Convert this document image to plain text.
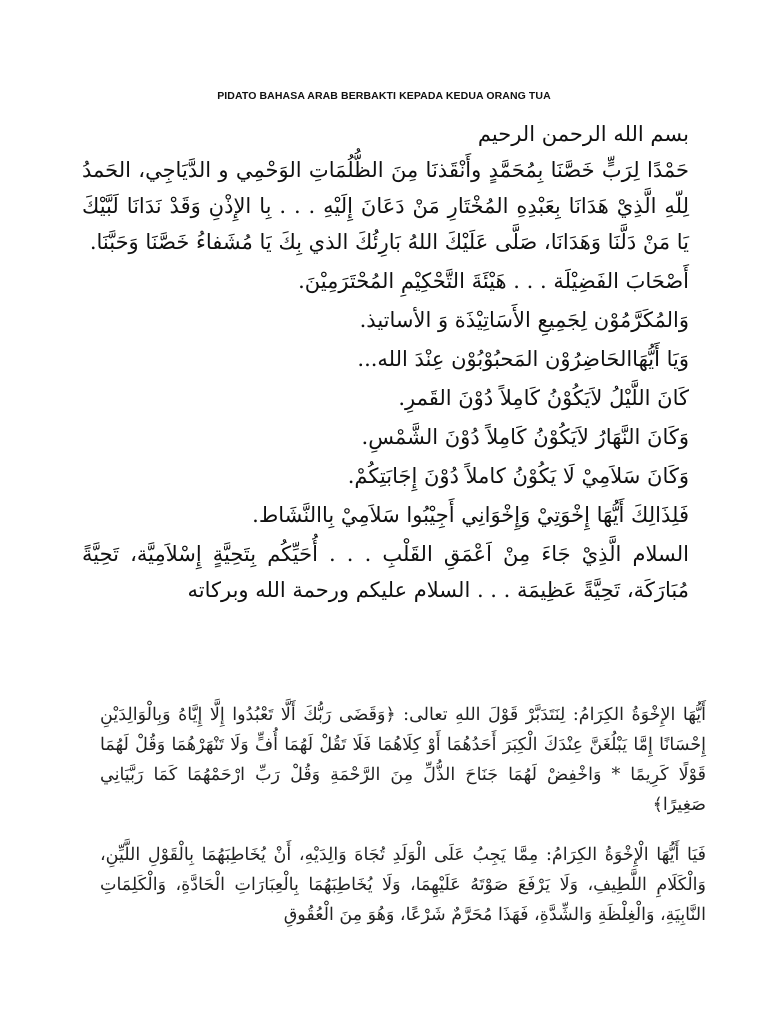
PIDATO BAHASA ARAB BERBAKTI KEPADA KEDUA ORANG TUA

بسم الله الرحمن الرحيم

حَمْدًا لِرَبٍّ خَصَّنَا بِمُحَمَّدٍ وأَنْقَذنَا مِنَ الظُّلُمَاتِ الوَحْمِي و الدَّيَاجِي، الحَمدُ لِلّهِ الَّذِيْ هَدَانَا بِعَبْدِهِ المُخْتَارِ مَنْ دَعَانَ إِلَيْهِ . . . بِا الإِذْنِ وَقَدْ نَدَانَا لَبَّيْكَ يَا مَنْ دَلَّنَا وَهَدَانَا، صَلَّى عَلَيْكَ اللهُ بَارِئُكَ الذي بِكَ يَا مُشَفاءُ خَصَّنَا وَحَبَّنَا.

أَصْحَابَ الفَضِيْلَة . . . هَيْئَةَ التَّحْكِيْمِ المُحْتَرَمِيْنَ.

وَالمُكَرَّمُوْن لِجَمِيعِ الأَسَاتِيْذَة وَ الأساتيذ.

وَيَا أَيُّهَاالحَاضِرُوْن المَحبُوْبُوْن عِنْدَ الله...

كَانَ اللَّيْلُ لاَيَكُوْنُ كَامِلاً دُوْنَ القَمرِ.

وَكَانَ النَّهَارُ لاَيَكُوْنُ كَامِلاً دُوْنَ الشَّمْسِ.

وَكَانَ سَلاَمِيْ لَا يَكُوْنُ كاملاً دُوْنَ إِجَابَتِكُمْ.

فَلِذَالِكَ أَيُّهَا إِخْوَتِيْ وَإِخْوَانِي أَجِيْبُوا سَلاَمِيْ بِاالنَّشَاط.

السلام الَّذِيْ جَاءَ مِنْ اَعْمَقِ القَلْبِ . . . أُحَيِّكُم بِتَحِيَّةٍ إِسْلاَمِيَّة، تَحِيَّةً مُبَارَكَة، تَحِيَّةً عَظِيمَة . . . السلام عليكم ورحمة الله وبركاته

أَيُّهَا الإِخْوَةُ الكِرَامُ: لِنَتَدَبَّرْ قَوْلَ اللهِ تعالى: ﴿وَقَضَى رَبُّكَ أَلَّا تَعْبُدُوا إِلَّا إِيَّاهُ وَبِالْوَالِدَيْنِ إِحْسَانًا إِمَّا يَبْلُغَنَّ عِنْدَكَ الْكِبَرَ أَحَدُهُمَا أَوْ كِلَاهُمَا فَلَا تَقُلْ لَهُمَا أُفٍّ وَلَا تَنْهَرْهُمَا وَقُلْ لَهُمَا قَوْلًا كَرِيمًا * وَاخْفِضْ لَهُمَا جَنَاحَ الذُّلِّ مِنَ الرَّحْمَةِ وَقُلْ رَبِّ ارْحَمْهُمَا كَمَا رَبَّيَانِي صَغِيرًا﴾

فَيَا أَيُّهَا الْإِخْوَةُ الكِرَامُ: مِمَّا يَجِبُ عَلَى الْوَلَدِ تُجَاهَ وَالِدَيْهِ، أَنْ يُخَاطِبَهُمَا بِالْقَوْلِ اللَّيِّنِ، وَالْكَلَامِ اللَّطِيفِ، وَلَا يَرْفَعَ صَوْتَهُ عَلَيْهِمَا، وَلَا يُخَاطِبَهُمَا بِالْعِبَارَاتِ الْحَادَّةِ، وَالْكَلِمَاتِ النَّابِيَةِ، وَالْغِلْظَةِ وَالشِّدَّةِ، فَهَذَا مُحَرَّمٌ شَرْعًا، وَهُوَ مِنَ الْعُقُوقِ
